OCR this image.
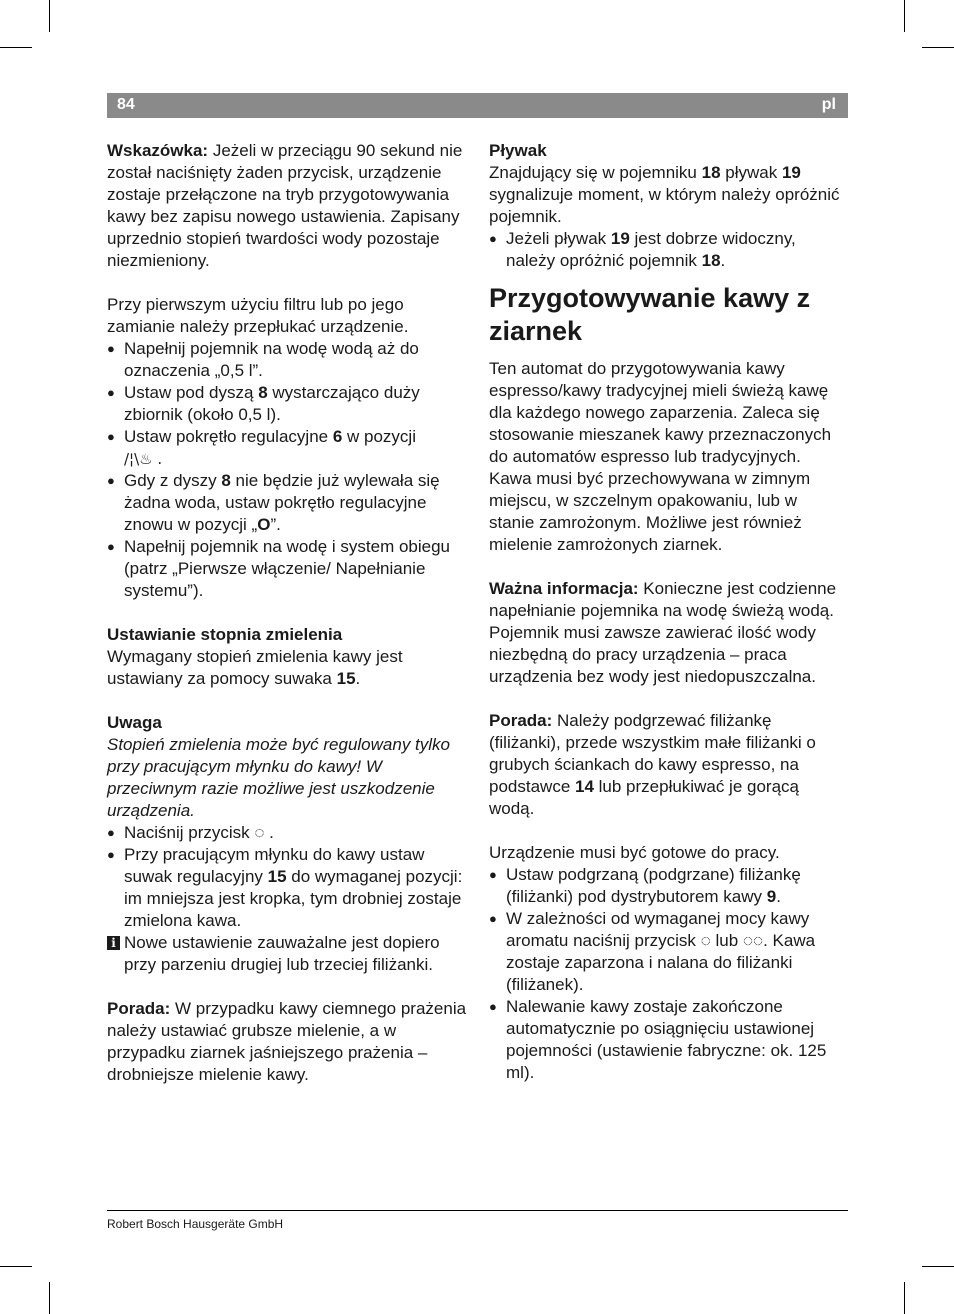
84	pl

Wskazówka: Jeżeli w przeciągu 90 sekund nie został naciśnięty żaden przycisk, urządzenie zostaje przełączone na tryb przygotowywania kawy bez zapisu nowego ustawienia. Zapisany uprzednio stopień twardości wody pozostaje niezmieniony.

Przy pierwszym użyciu filtru lub po jego zamianie należy przepłukać urządzenie.

● Napełnij pojemnik na wodę wodą aż do oznaczenia „0,5 l”.
● Ustaw pod dyszą 8 wystarczająco duży zbiornik (około 0,5 l).
● Ustaw pokrętło regulacyjne 6 w pozycji
/¦\♨ .
● Gdy z dyszy 8 nie będzie już wylewała się żadna woda, ustaw pokrętło regulacyjne znowu w pozycji „O”.
● Napełnij pojemnik na wodę i system obiegu (patrz „Pierwsze włączenie/ Napełnianie systemu”).

Ustawianie stopnia zmielenia

Wymagany stopień zmielenia kawy jest ustawiany za pomocy suwaka 15.

Uwaga

Stopień zmielenia może być regulowany tylko przy pracującym młynku do kawy! W przeciwnym razie możliwe jest uszkodzenie urządzenia.

● Naciśnij przycisk ◌ .
● Przy pracującym młynku do kawy ustaw suwak regulacyjny 15 do wymaganej pozycji: im mniejsza jest kropka, tym drobniej zostaje zmielona kawa.
i Nowe ustawienie zauważalne jest dopiero przy parzeniu drugiej lub trzeciej filiżanki.

Porada: W przypadku kawy ciemnego prażenia należy ustawiać grubsze mielenie, a w przypadku ziarnek jaśniejszego prażenia – drobniejsze mielenie kawy.

Pływak

Znajdujący się w pojemniku 18 pływak 19 sygnalizuje moment, w którym należy opróżnić pojemnik.

● Jeżeli pływak 19 jest dobrze widoczny, należy opróżnić pojemnik 18.
Przygotowywanie kawy z ziarnek

Ten automat do przygotowywania kawy espresso/kawy tradycyjnej mieli świeżą kawę dla każdego nowego zaparzenia. Zaleca się stosowanie mieszanek kawy przeznaczonych do automatów espresso lub tradycyjnych. Kawa musi być przechowywana w zimnym miejscu, w szczelnym opakowaniu, lub w stanie zamrożonym. Możliwe jest również mielenie zamrożonych ziarnek.

Ważna informacja: Konieczne jest codzienne napełnianie pojemnika na wodę świeżą wodą. Pojemnik musi zawsze zawierać ilość wody niezbędną do pracy urządzenia – praca urządzenia bez wody jest niedopuszczalna.

Porada: Należy podgrzewać filiżankę (filiżanki), przede wszystkim małe filiżanki o grubych ściankach do kawy espresso, na podstawce 14 lub przepłukiwać je gorącą wodą.

Urządzenie musi być gotowe do pracy.

● Ustaw podgrzaną (podgrzane) filiżankę (filiżanki) pod dystrybutorem kawy 9.
● W zależności od wymaganej mocy kawy aromatu naciśnij przycisk ◌ lub ◌◌. Kawa zostaje zaparzona i nalana do filiżanki (filiżanek).
● Nalewanie kawy zostaje zakończone automatycznie po osiągnięciu ustawionej pojemności (ustawienie fabryczne: ok. 125 ml).
Robert Bosch Hausgeräte GmbH
